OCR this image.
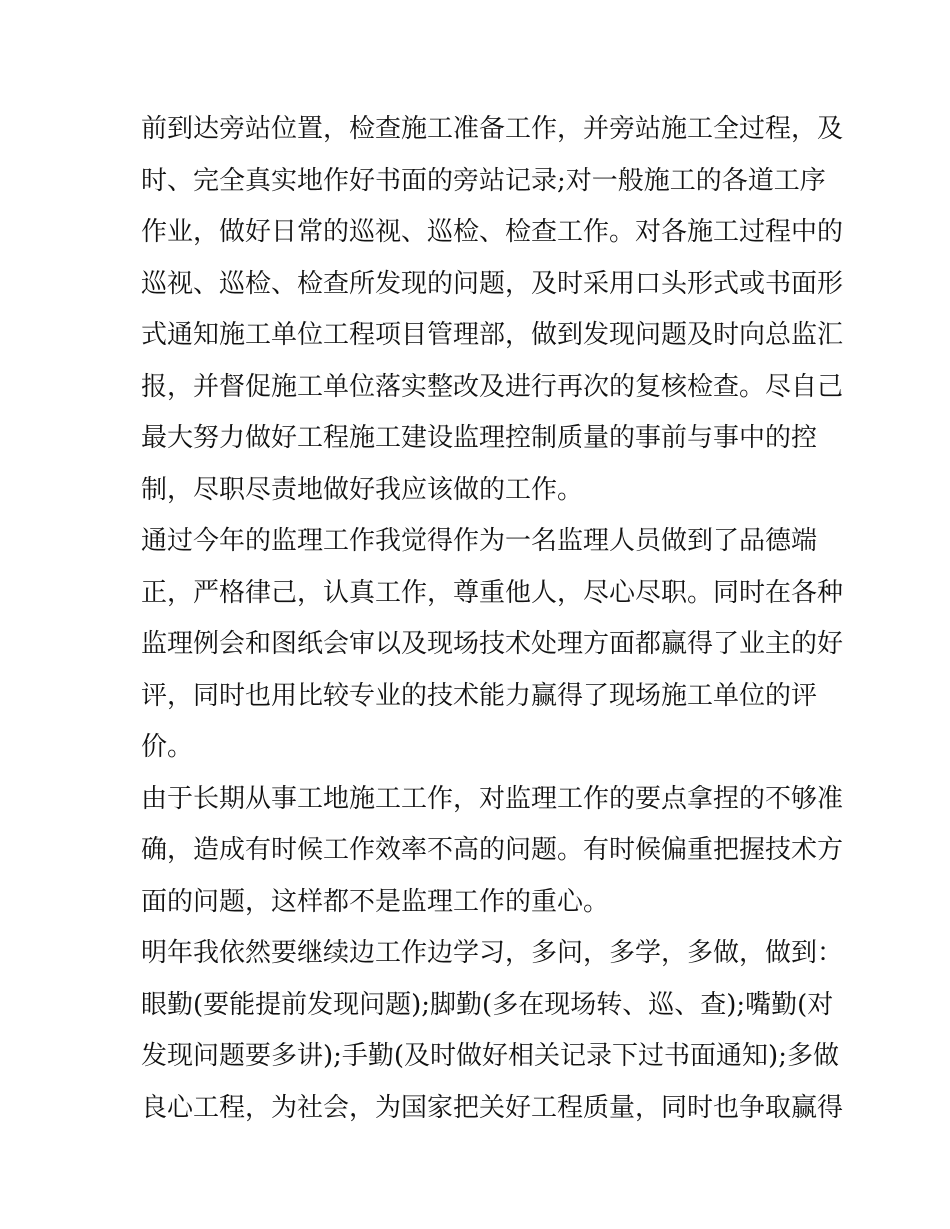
前到达旁站位置，检查施工准备工作，并旁站施工全过程，及
时、完全真实地作好书面的旁站记录;对一般施工的各道工序
作业，做好日常的巡视、巡检、检查工作。对各施工过程中的
巡视、巡检、检查所发现的问题，及时采用口头形式或书面形
式通知施工单位工程项目管理部，做到发现问题及时向总监汇
报，并督促施工单位落实整改及进行再次的复核检查。尽自己
最大努力做好工程施工建设监理控制质量的事前与事中的控
制，尽职尽责地做好我应该做的工作。
通过今年的监理工作我觉得作为一名监理人员做到了品德端
正，严格律己，认真工作，尊重他人，尽心尽职。同时在各种
监理例会和图纸会审以及现场技术处理方面都赢得了业主的好
评，同时也用比较专业的技术能力赢得了现场施工单位的评
价。
由于长期从事工地施工工作，对监理工作的要点拿捏的不够准
确，造成有时候工作效率不高的问题。有时候偏重把握技术方
面的问题，这样都不是监理工作的重心。
明年我依然要继续边工作边学习，多问，多学，多做，做到：
眼勤(要能提前发现问题);脚勤(多在现场转、巡、查);嘴勤(对
发现问题要多讲);手勤(及时做好相关记录下过书面通知);多做
良心工程，为社会，为国家把关好工程质量，同时也争取赢得
